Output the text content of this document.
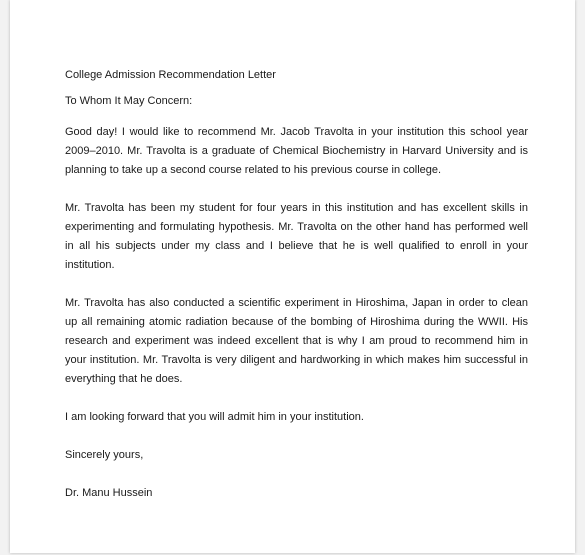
College Admission Recommendation Letter

To Whom It May Concern:

Good day! I would like to recommend Mr. Jacob Travolta in your institution this school year 2009–2010. Mr. Travolta is a graduate of Chemical Biochemistry in Harvard University and is planning to take up a second course related to his previous course in college.

Mr. Travolta has been my student for four years in this institution and has excellent skills in experimenting and formulating hypothesis. Mr. Travolta on the other hand has performed well in all his subjects under my class and I believe that he is well qualified to enroll in your institution.

Mr. Travolta has also conducted a scientific experiment in Hiroshima, Japan in order to clean up all remaining atomic radiation because of the bombing of Hiroshima during the WWII. His research and experiment was indeed excellent that is why I am proud to recommend him in your institution. Mr. Travolta is very diligent and hardworking in which makes him successful in everything that he does.

I am looking forward that you will admit him in your institution.

Sincerely yours,

Dr. Manu Hussein
